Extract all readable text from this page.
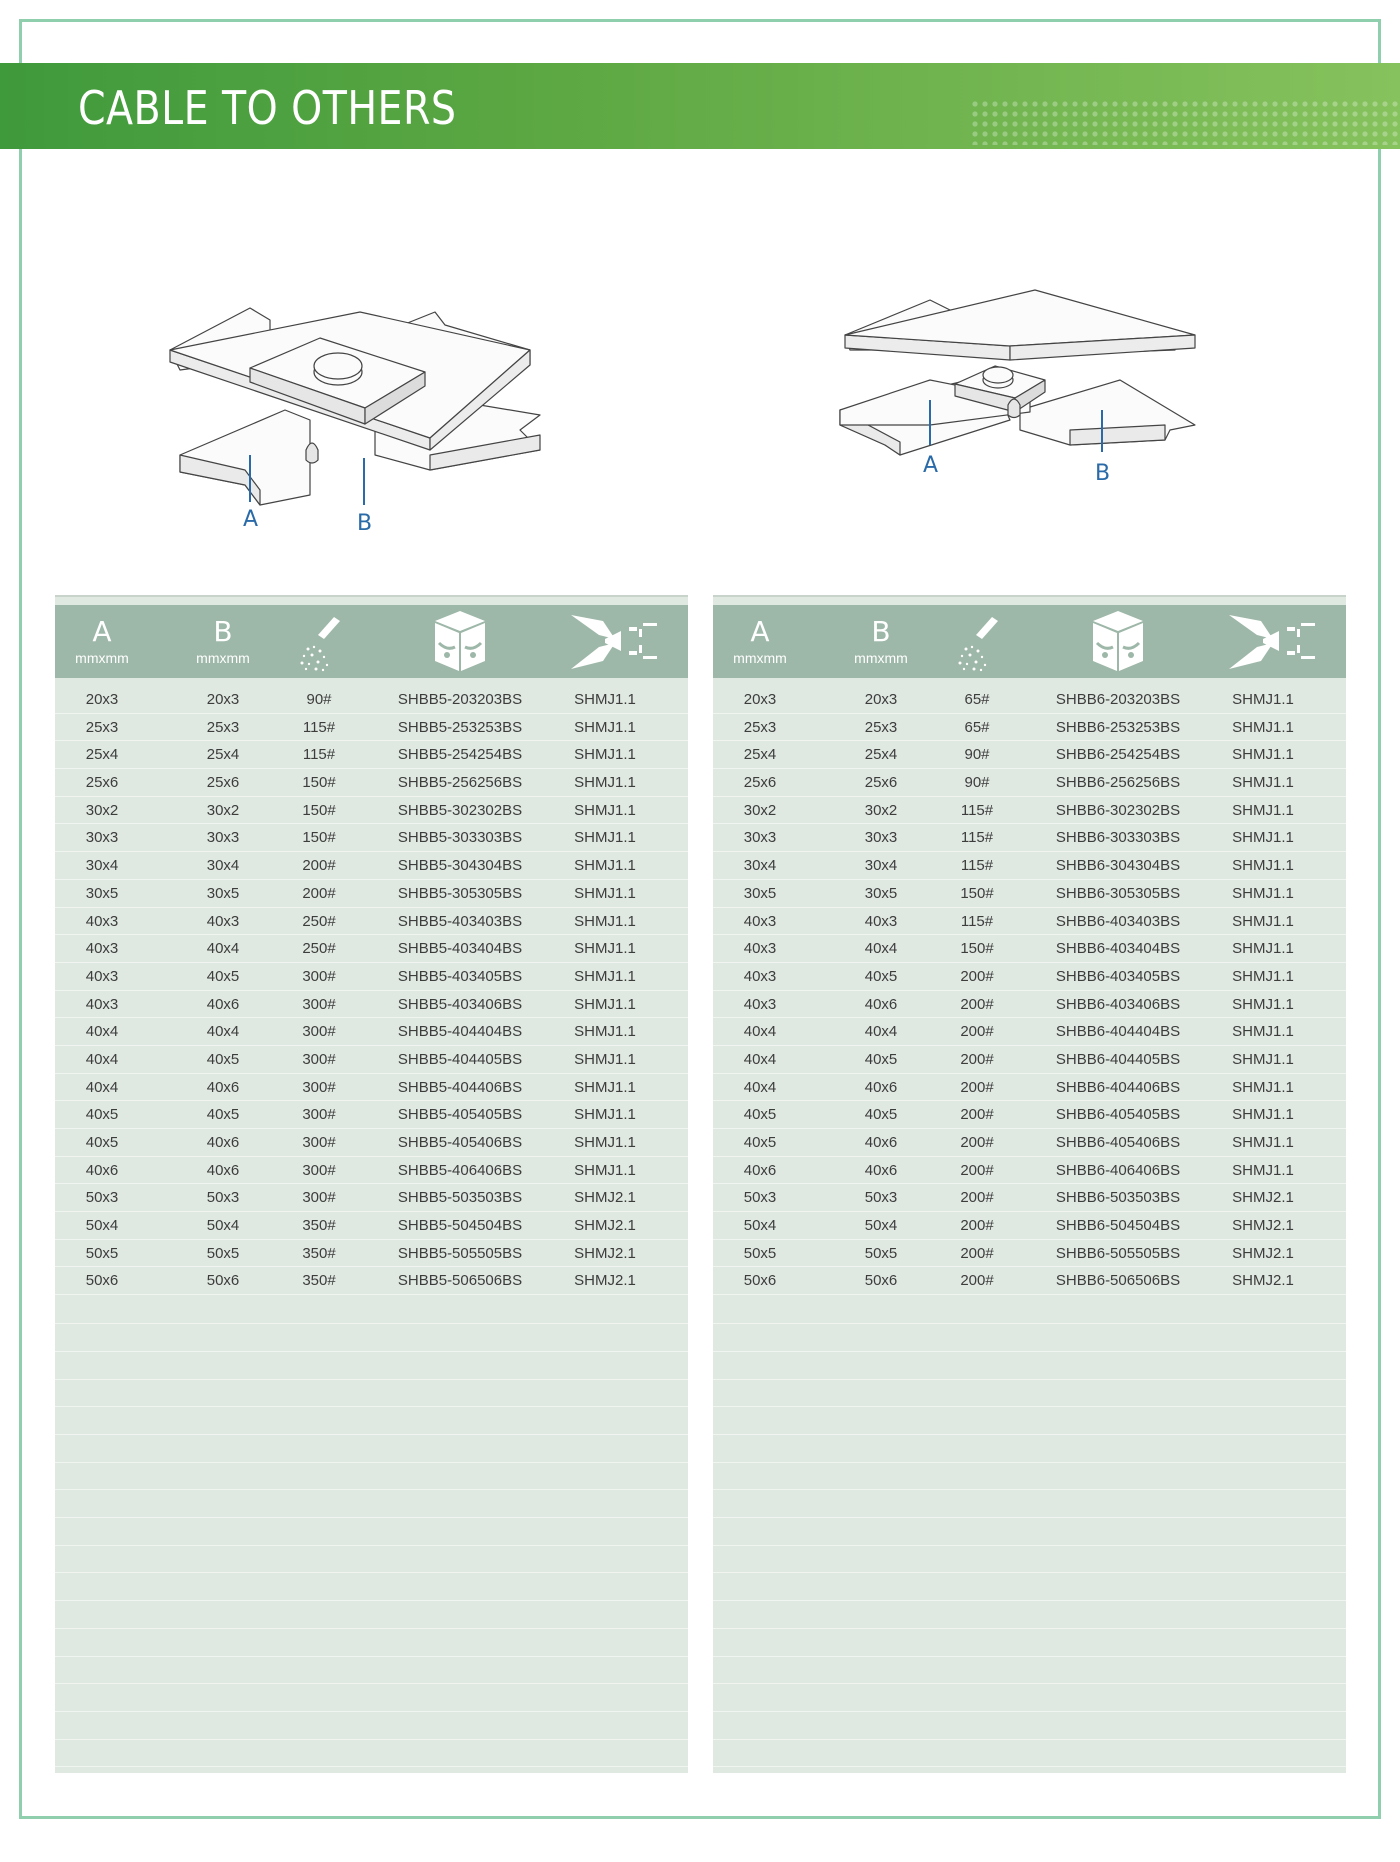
CABLE TO OTHERS
A	B
A	B
A
mmxmm
B
mmxmm
20x3	20x3	90#	SHBB5-203203BS	SHMJ1.1
25x3	25x3	115#	SHBB5-253253BS	SHMJ1.1
25x4	25x4	115#	SHBB5-254254BS	SHMJ1.1
25x6	25x6	150#	SHBB5-256256BS	SHMJ1.1
30x2	30x2	150#	SHBB5-302302BS	SHMJ1.1
30x3	30x3	150#	SHBB5-303303BS	SHMJ1.1
30x4	30x4	200#	SHBB5-304304BS	SHMJ1.1
30x5	30x5	200#	SHBB5-305305BS	SHMJ1.1
40x3	40x3	250#	SHBB5-403403BS	SHMJ1.1
40x3	40x4	250#	SHBB5-403404BS	SHMJ1.1
40x3	40x5	300#	SHBB5-403405BS	SHMJ1.1
40x3	40x6	300#	SHBB5-403406BS	SHMJ1.1
40x4	40x4	300#	SHBB5-404404BS	SHMJ1.1
40x4	40x5	300#	SHBB5-404405BS	SHMJ1.1
40x4	40x6	300#	SHBB5-404406BS	SHMJ1.1
40x5	40x5	300#	SHBB5-405405BS	SHMJ1.1
40x5	40x6	300#	SHBB5-405406BS	SHMJ1.1
40x6	40x6	300#	SHBB5-406406BS	SHMJ1.1
50x3	50x3	300#	SHBB5-503503BS	SHMJ2.1
50x4	50x4	350#	SHBB5-504504BS	SHMJ2.1
50x5	50x5	350#	SHBB5-505505BS	SHMJ2.1
50x6	50x6	350#	SHBB5-506506BS	SHMJ2.1
A
mmxmm
B
mmxmm
20x3	20x3	65#	SHBB6-203203BS	SHMJ1.1
25x3	25x3	65#	SHBB6-253253BS	SHMJ1.1
25x4	25x4	90#	SHBB6-254254BS	SHMJ1.1
25x6	25x6	90#	SHBB6-256256BS	SHMJ1.1
30x2	30x2	115#	SHBB6-302302BS	SHMJ1.1
30x3	30x3	115#	SHBB6-303303BS	SHMJ1.1
30x4	30x4	115#	SHBB6-304304BS	SHMJ1.1
30x5	30x5	150#	SHBB6-305305BS	SHMJ1.1
40x3	40x3	115#	SHBB6-403403BS	SHMJ1.1
40x3	40x4	150#	SHBB6-403404BS	SHMJ1.1
40x3	40x5	200#	SHBB6-403405BS	SHMJ1.1
40x3	40x6	200#	SHBB6-403406BS	SHMJ1.1
40x4	40x4	200#	SHBB6-404404BS	SHMJ1.1
40x4	40x5	200#	SHBB6-404405BS	SHMJ1.1
40x4	40x6	200#	SHBB6-404406BS	SHMJ1.1
40x5	40x5	200#	SHBB6-405405BS	SHMJ1.1
40x5	40x6	200#	SHBB6-405406BS	SHMJ1.1
40x6	40x6	200#	SHBB6-406406BS	SHMJ1.1
50x3	50x3	200#	SHBB6-503503BS	SHMJ2.1
50x4	50x4	200#	SHBB6-504504BS	SHMJ2.1
50x5	50x5	200#	SHBB6-505505BS	SHMJ2.1
50x6	50x6	200#	SHBB6-506506BS	SHMJ2.1
